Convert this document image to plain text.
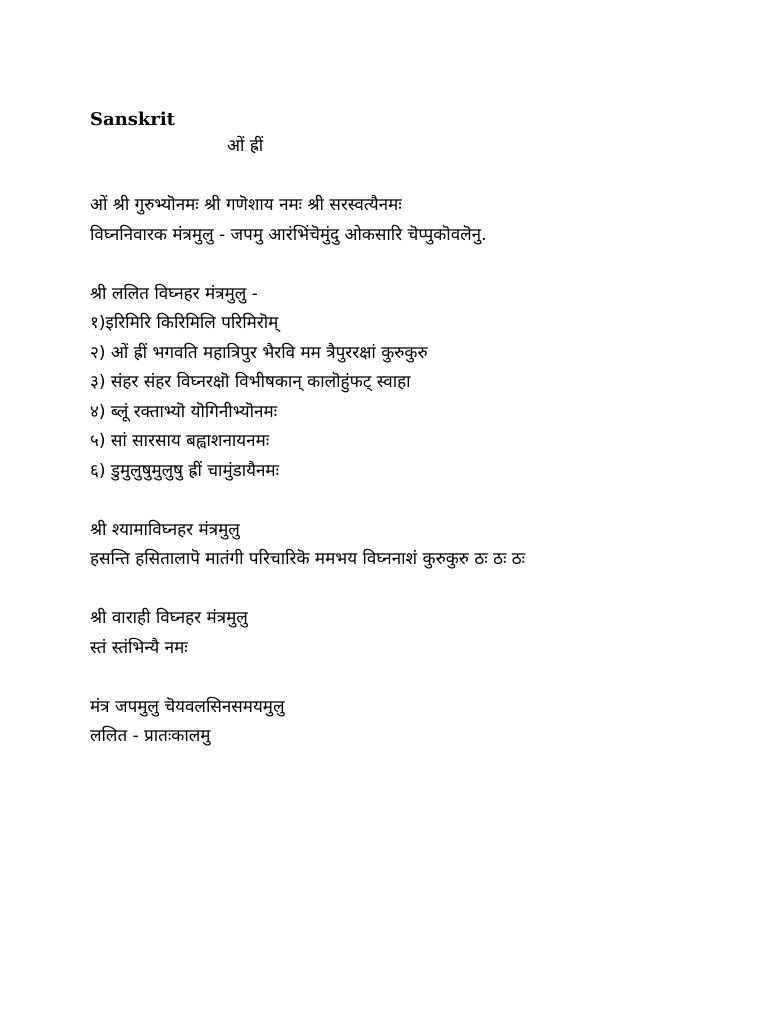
Sanskrit
ओं ह्रीं
ओं श्री गुरुभ्यॊनमः श्री गणॆशाय नमः श्री सरस्वत्यैनमः
विघ्ननिवारक मंत्रमुलु - जपमु आरंभिंचॆमुंदु ओकसारि चॆप्पुकॊवलॆनु.
श्री ललित विघ्नहर मंत्रमुलु -
१)इरिमिरि किरिमिलि परिमिरॊम्
२) ओं ह्रीं भगवति महात्रिपुर भैरवि मम त्रैपुररक्षां कुरुकुरु
३) संहर संहर विघ्नरक्षॊ विभीषकान् कालॊहुंफट् स्वाहा
४) ब्लूं रक्ताभ्यॊ यॊगिनीभ्यॊनमः
५) सां सारसाय बह्वाशनायनमः
६) डुमुलुषुमुलुषु ह्रीं चामुंडायैनमः
श्री श्यामाविघ्नहर मंत्रमुलु
हसन्ति हसितालापॆ मातंगी परिचारिकॆ ममभय विघ्ननाशं कुरुकुरु ठः ठः ठः
श्री वाराही विघ्नहर मंत्रमुलु
स्तं स्तंभिन्यै नमः
मंत्र जपमुलु चॆयवलसिनसमयमुलु
ललित - प्रातःकालमु
